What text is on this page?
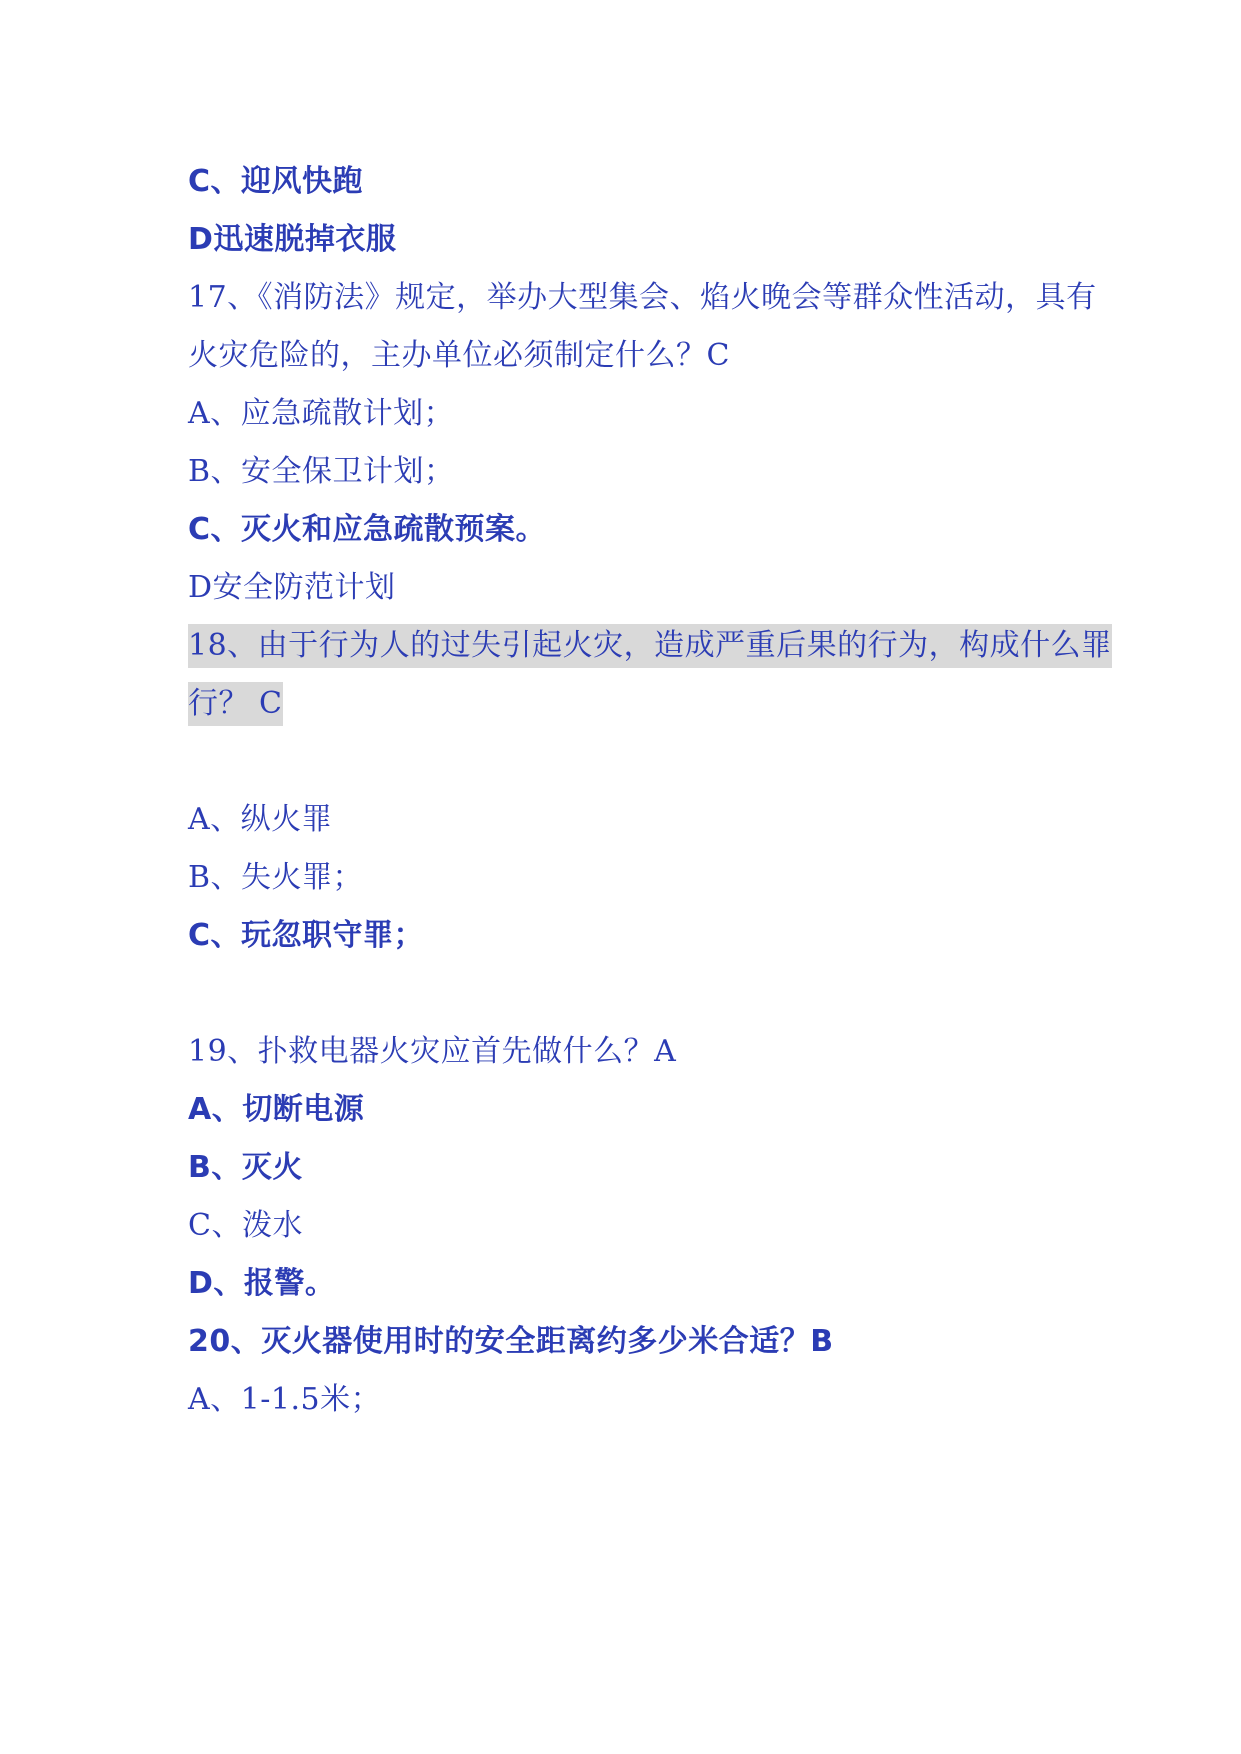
C、迎风快跑

D迅速脱掉衣服

17、《消防法》规定，举办大型集会、焰火晚会等群众性活动，具有

火灾危险的，主办单位必须制定什么？C

A、应急疏散计划；

B、安全保卫计划；

C、灭火和应急疏散预案。

D安全防范计划

18、由于行为人的过失引起火灾，造成严重后果的行为，构成什么罪

行？ C

A、纵火罪

B、失火罪；

C、玩忽职守罪；

19、扑救电器火灾应首先做什么？A

A、切断电源

B、灭火

C、泼水

D、报警。

20、灭火器使用时的安全距离约多少米合适？B

A、1-1.5米；
